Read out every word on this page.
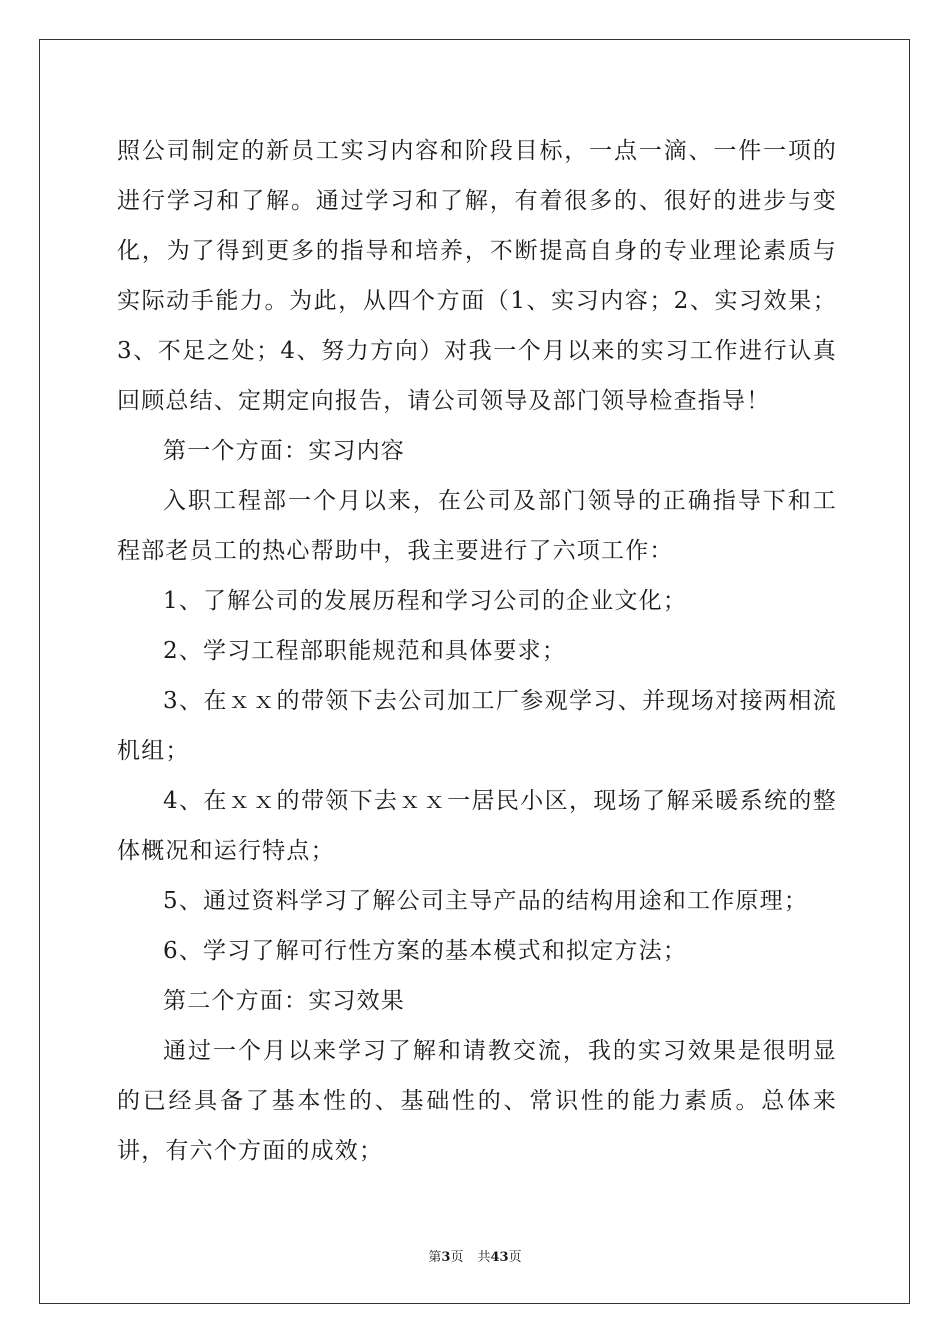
照公司制定的新员工实习内容和阶段目标，一点一滴、一件一项的进行学习和了解。通过学习和了解，有着很多的、很好的进步与变化，为了得到更多的指导和培养，不断提高自身的专业理论素质与实际动手能力。为此，从四个方面（1、实习内容；2、实习效果；3、不足之处；4、努力方向）对我一个月以来的实习工作进行认真回顾总结、定期定向报告，请公司领导及部门领导检查指导！

第一个方面：实习内容

入职工程部一个月以来，在公司及部门领导的正确指导下和工程部老员工的热心帮助中，我主要进行了六项工作：

1、了解公司的发展历程和学习公司的企业文化；

2、学习工程部职能规范和具体要求；

3、在ｘｘ的带领下去公司加工厂参观学习、并现场对接两相流机组；

4、在ｘｘ的带领下去ｘｘ一居民小区，现场了解采暖系统的整体概况和运行特点；

5、通过资料学习了解公司主导产品的结构用途和工作原理；

6、学习了解可行性方案的基本模式和拟定方法；

第二个方面：实习效果

通过一个月以来学习了解和请教交流，我的实习效果是很明显的已经具备了基本性的、基础性的、常识性的能力素质。总体来讲，有六个方面的成效；

第3页 共43页
